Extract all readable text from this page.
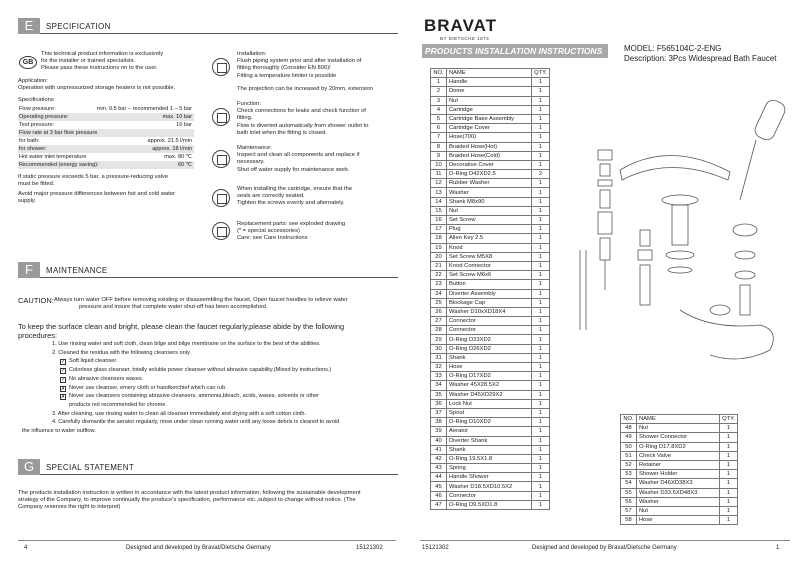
E	SPECIFICATION
GB
This technical product information is exclusively
for the installer or trained specialists.
Please pass these instructions on to the user.
Application:
Operation with unpressurized storage heaters is not possible.
Specifications
Flow pressure:	min. 0.5 bar – recommended 1 – 5 bar
Operating pressure:	max. 10 bar
Test pressure:	16 bar
Flow rate at 3 bar flow pressure
for bath:	approx. 21.5 l/min
for shower:	approx. 18 l/min
Hot water inlet temperature	max. 80 ℃
Recommended (energy saving):	60 ℃
If static pressure exceeds 5 bar, a pressure-reducing valve
must be fitted.
Avoid major pressure differences between hot and cold water
supply.
Installation:
Flush piping system prior and after installation of
fitting thoroughly (Consider EN 806)!
Fitting a temperature limiter is possible
The projection can be increased by 20mm, extension
Function:
Check connections for leaks and check function of
fitting.
Flow is diverted automatically from shower outlet to
bath inlet when the fitting is closed.
Maintenance:
Inspect and clean all components and replace if
necessary.
Shut off water supply for maintenance work.
When installing the cartridge, ensure that the
seals are correctly seated.
Tighten the screws evenly and alternately.
Replacement parts: see exploded drawing
(* = special accessories)
Care: see Care Instructions
F	MAINTENANCE
CAUTION: Always turn water OFF before removing existing or disassembling the faucet. Open faucet handles to relieve water
pressure and insure that complete water shut-off has been accomplished.
To keep the surface clean and bright, please clean the faucet regularly,please abide by the following
procedures:
1. Use rinsing water and soft cloth, clean bilge and bilge membrane on the surface to the best of the abilities.
2. Cleaned the residua with the following cleansers only.
✓ Soft liquid cleanser.
✓ Colorless glass cleanser, totally soluble power cleanser without abrasive capability.(Mixed by instructions.)
✓ No abrasive cleansers waxes.
✗ Never use cleanser, emery cloth or handkerchief which can rub.
✗ Never use cleansers containing abrasive cleansers, ammonia,bleach, acids, waxes, solvents or other
products not recommended for chrome.
3. After cleaning, use rinsing water to clean all cleanser immediately and drying with a soft cotton cloth.
4. Carefully dismantle the aerator regularly, rinse under clean running water until any loose debris is cleared to avoid
the influence to water outflow.
G	SPECIAL STATEMENT
The products installation instruction is written in accordance with the latest product information, following the sustainable development
strategy of the Company, to improve continually the produce's specification, performance etc.,subject to change without notice. (The
Company reserves the right to interpret)
4	Designed and developed by Bravat/Dietsche Germany	15121302
BRAVAT
BY DIETSCHE 1873
PRODUCTS INSTALLATION INSTRUCTIONS	MODEL: F565104C-2-ENG
Description: 3Pcs Widespread Bath Faucet
NO.	NAME	QTY.
1	Handle	1
2	Dome	1
3	Nut	1
4	Cartridge	1
5	Cartridge Base Assembly	1
6	Cartridge Cover	1
7	Hose(700)	1
8	Braided Hose(Hot)	1
9	Braided Hose(Cold)	1
10	Decorative Cover	1
11	O-Ring D42XD2.5	2
12	Rubber Washer	1
13	Washer	1
14	Shank M8x90	1
15	Nut	1
16	Set Screw	1
17	Plug	1
18	Allen Key 2.5	1
19	Knod	1
20	Set Screw M5X8	1
21	Knod Connector	1
22	Set Screw M6x6	1
23	Button	1
24	Diverter Assembly	1
25	Blockage Cap	1
26	Washer D10xXD18X4	1
27	Connector	1
28	Connector	1
29	O-Ring D23XD2	1
30	O-Ring D26XD2	1
31	Shank	1
32	Hose	1
33	O-Ring D17XD2	1
34	Washer 45X28.5X2	1
35	Washer D45XD29X2	1
36	Lock Nut	1
37	Spout	1
38	O-Ring D10XD2	1
39	Aerator	1
40	Diverter Shank	1
41	Shank	1
42	O-Ring 19.5X1.8	1
43	Spring	1
44	Handle Shower	1
45	Washer D18.5XD10.5X2	1
46	Connector	1
47	O-Ring D9.5XD1.8	1
NO.	NAME	QTY.
48	Nut	1
49	Shower Connector	1
50	O-Ring D17.8XD2	1
51	Check Valve	1
52	Retainer	1
53	Shower Holder	1
54	Washer D46XD38X3	1
55	Washer D33.5XD48X3	1
56	Washer	1
57	Nut	1
58	Hose	1
15121302	Designed and developed by Bravat/Dietsche Germany	1
